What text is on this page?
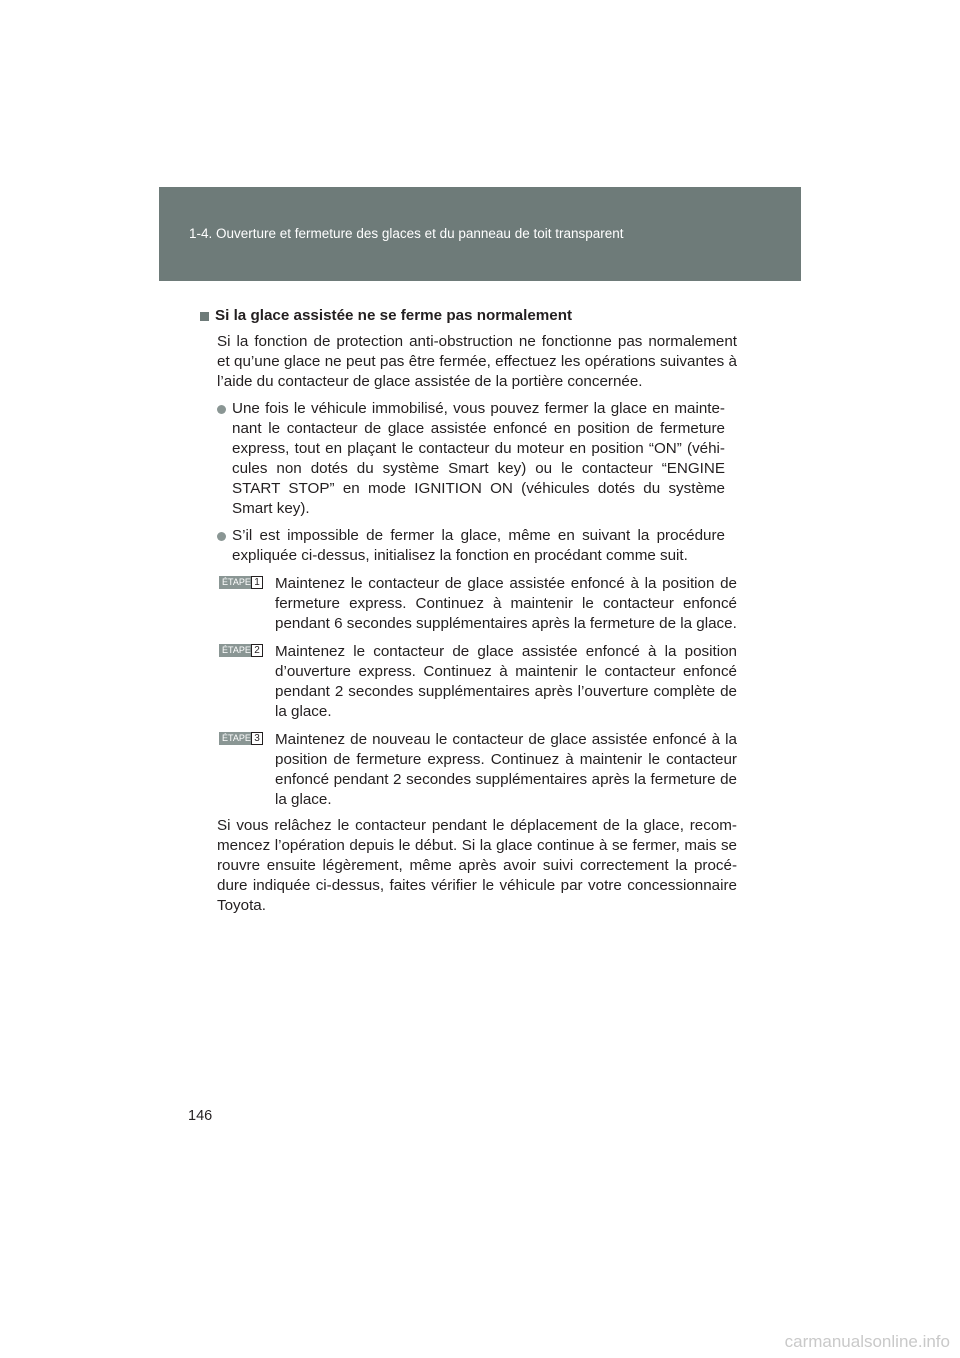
1-4. Ouverture et fermeture des glaces et du panneau de toit transparent
Si la glace assistée ne se ferme pas normalement
Si la fonction de protection anti-obstruction ne fonctionne pas normalement et qu’une glace ne peut pas être fermée, effectuez les opérations suivantes à l’aide du contacteur de glace assistée de la portière concernée.
Une fois le véhicule immobilisé, vous pouvez fermer la glace en mainte-nant le contacteur de glace assistée enfoncé en position de fermeture express, tout en plaçant le contacteur du moteur en position “ON” (véhi-cules non dotés du système Smart key) ou le contacteur “ENGINE START STOP” en mode IGNITION ON (véhicules dotés du système Smart key).
S’il est impossible de fermer la glace, même en suivant la procédure expliquée ci-dessus, initialisez la fonction en procédant comme suit.
ÉTAPE 1 Maintenez le contacteur de glace assistée enfoncé à la position de fermeture express. Continuez à maintenir le contacteur enfoncé pendant 6 secondes supplémentaires après la fermeture de la glace.
ÉTAPE 2 Maintenez le contacteur de glace assistée enfoncé à la position d’ouverture express. Continuez à maintenir le contacteur enfoncé pendant 2 secondes supplémentaires après l’ouverture complète de la glace.
ÉTAPE 3 Maintenez de nouveau le contacteur de glace assistée enfoncé à la position de fermeture express. Continuez à maintenir le contacteur enfoncé pendant 2 secondes supplémentaires après la fermeture de la glace.
Si vous relâchez le contacteur pendant le déplacement de la glace, recom-mencez l’opération depuis le début. Si la glace continue à se fermer, mais se rouvre ensuite légèrement, même après avoir suivi correctement la procé-dure indiquée ci-dessus, faites vérifier le véhicule par votre concessionnaire Toyota.
146
carmanualsonline.info
